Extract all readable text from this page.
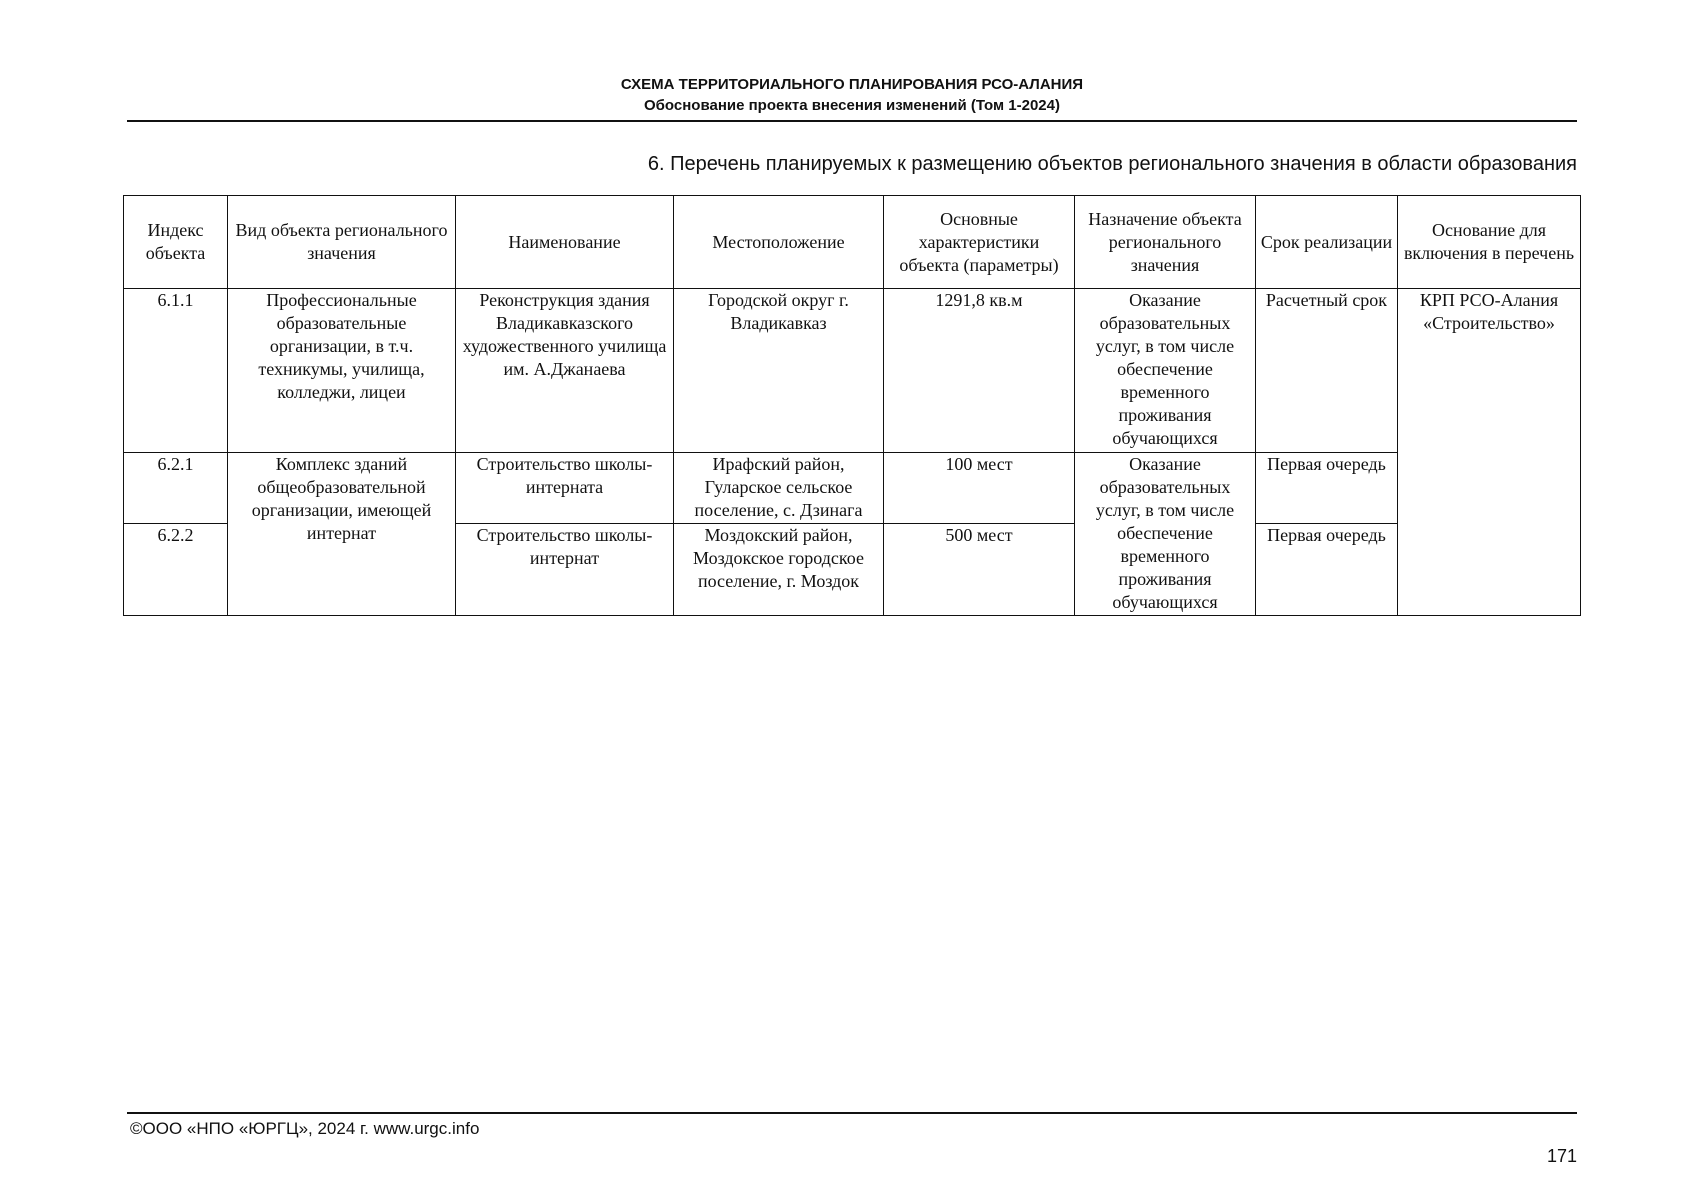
СХЕМА ТЕРРИТОРИАЛЬНОГО ПЛАНИРОВАНИЯ РСО-АЛАНИЯ
Обоснование проекта внесения изменений (Том 1-2024)
6. Перечень планируемых к размещению объектов регионального значения в области образования
Индекс объекта	Вид объекта регионального значения	Наименование	Местоположение	Основные характеристики объекта (параметры)	Назначение объекта регионального значения	Срок реализации	Основание для включения в перечень
6.1.1	Профессиональные образовательные организации, в т.ч. техникумы, училища, колледжи, лицеи	Реконструкция здания Владикавказского художественного училища им. А.Джанаева	Городской округ г. Владикавказ	1291,8 кв.м	Оказание образовательных услуг, в том числе обеспечение временного проживания обучающихся	Расчетный срок	КРП РСО-Алания «Строительство»
6.2.1	Комплекс зданий общеобразовательной организации, имеющей интернат	Строительство школы-интерната	Ирафский район, Гуларское сельское поселение, с. Дзинага	100 мест	Оказание образовательных услуг, в том числе обеспечение временного проживания обучающихся	Первая очередь	
6.2.2		Строительство школы-интернат	Моздокский район, Моздокское городское поселение, г. Моздок	500 мест		Первая очередь	
©ООО «НПО «ЮРГЦ», 2024 г. www.urgc.info
171
